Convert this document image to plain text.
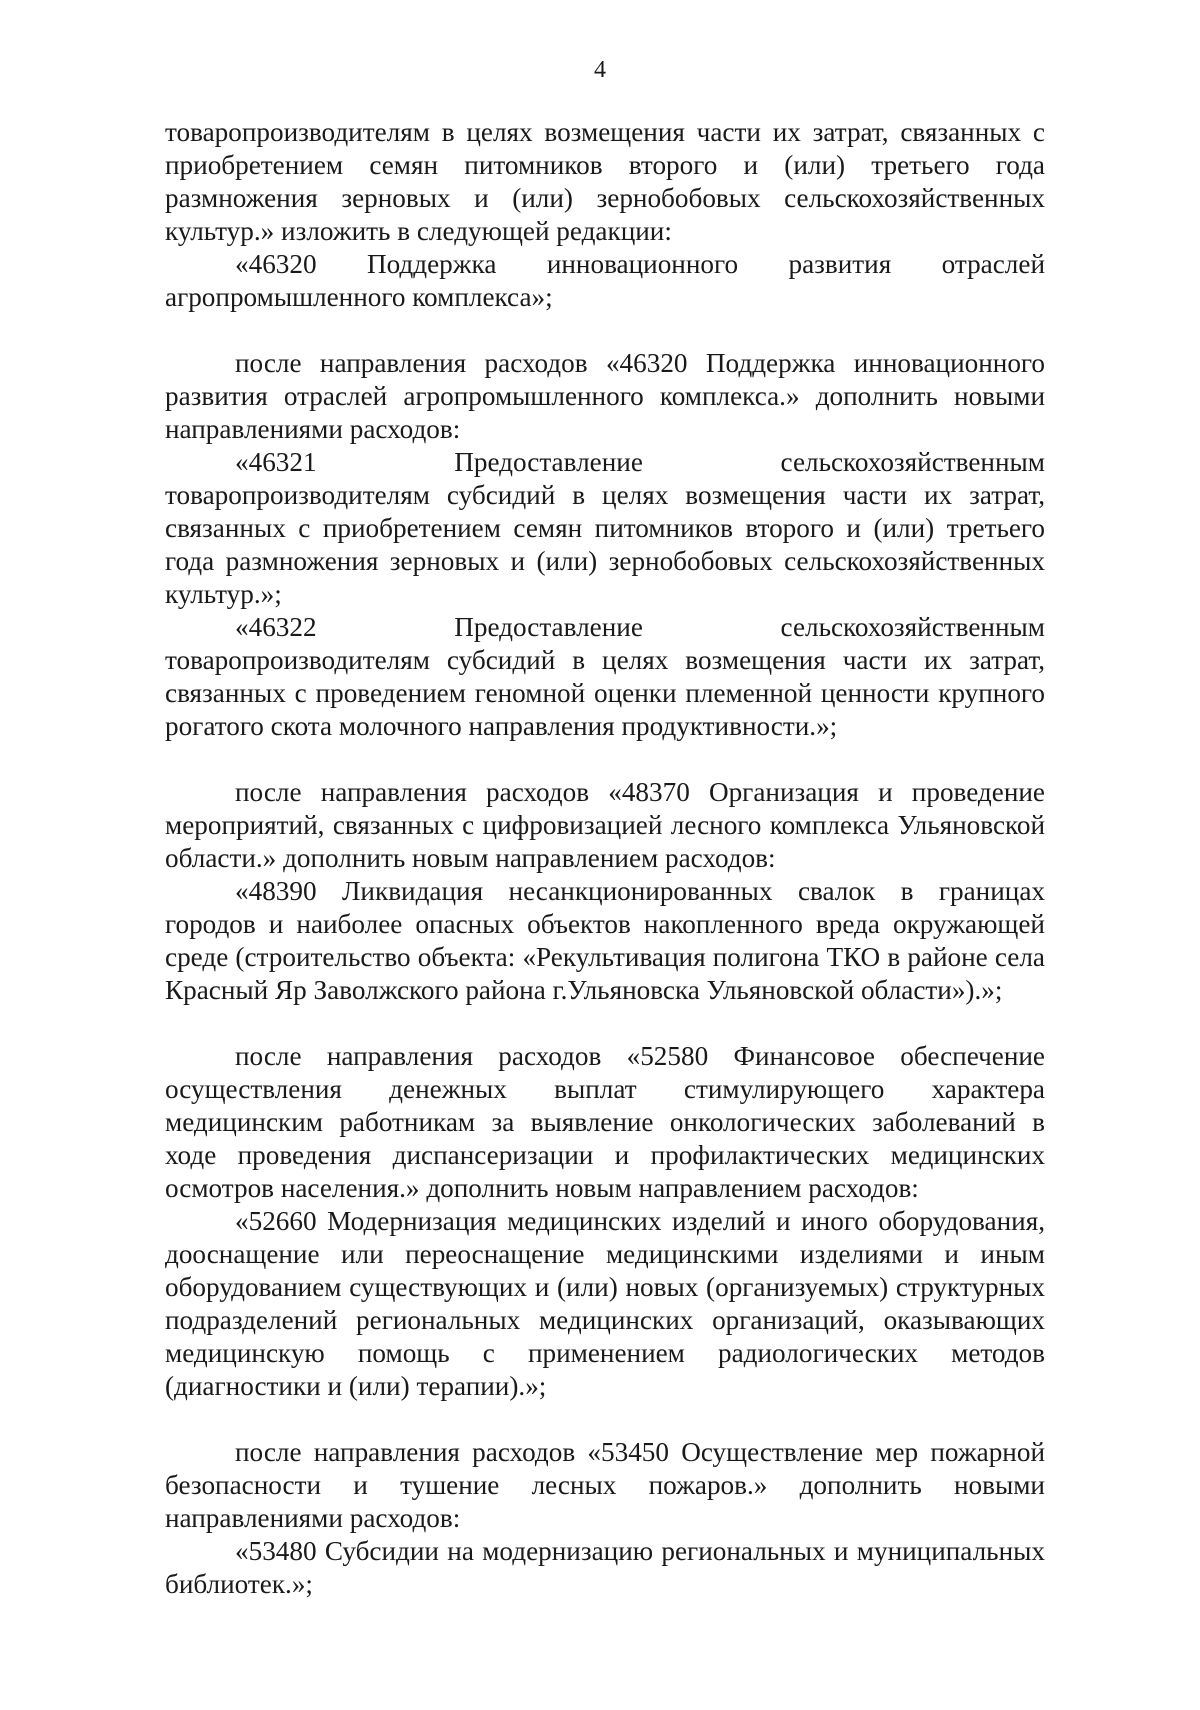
4

товаропроизводителям в целях возмещения части их затрат, связанных с приобретением семян питомников второго и (или) третьего года размножения зерновых и (или) зернобобовых сельскохозяйственных культур.» изложить в следующей редакции:

«46320 Поддержка инновационного развития отраслей агропромышленного комплекса»;

после направления расходов «46320 Поддержка инновационного развития отраслей агропромышленного комплекса.» дополнить новыми направлениями расходов:

«46321 Предоставление сельскохозяйственным товаропроизводителям субсидий в целях возмещения части их затрат, связанных с приобретением семян питомников второго и (или) третьего года размножения зерновых и (или) зернобобовых сельскохозяйственных культур.»;

«46322 Предоставление сельскохозяйственным товаропроизводителям субсидий в целях возмещения части их затрат, связанных с проведением геномной оценки племенной ценности крупного рогатого скота молочного направления продуктивности.»;

после направления расходов «48370 Организация и проведение мероприятий, связанных с цифровизацией лесного комплекса Ульяновской области.» дополнить новым направлением расходов:

«48390 Ликвидация несанкционированных свалок в границах городов и наиболее опасных объектов накопленного вреда окружающей среде (строительство объекта: «Рекультивация полигона ТКО в районе села Красный Яр Заволжского района г.Ульяновска Ульяновской области»).»;

после направления расходов «52580 Финансовое обеспечение осуществления денежных выплат стимулирующего характера медицинским работникам за выявление онкологических заболеваний в ходе проведения диспансеризации и профилактических медицинских осмотров населения.» дополнить новым направлением расходов:

«52660 Модернизация медицинских изделий и иного оборудования, дооснащение или переоснащение медицинскими изделиями и иным оборудованием существующих и (или) новых (организуемых) структурных подразделений региональных медицинских организаций, оказывающих медицинскую помощь с применением радиологических методов (диагностики и (или) терапии).»;

после направления расходов «53450 Осуществление мер пожарной безопасности и тушение лесных пожаров.» дополнить новыми направлениями расходов:

«53480 Субсидии на модернизацию региональных и муниципальных библиотек.»;
